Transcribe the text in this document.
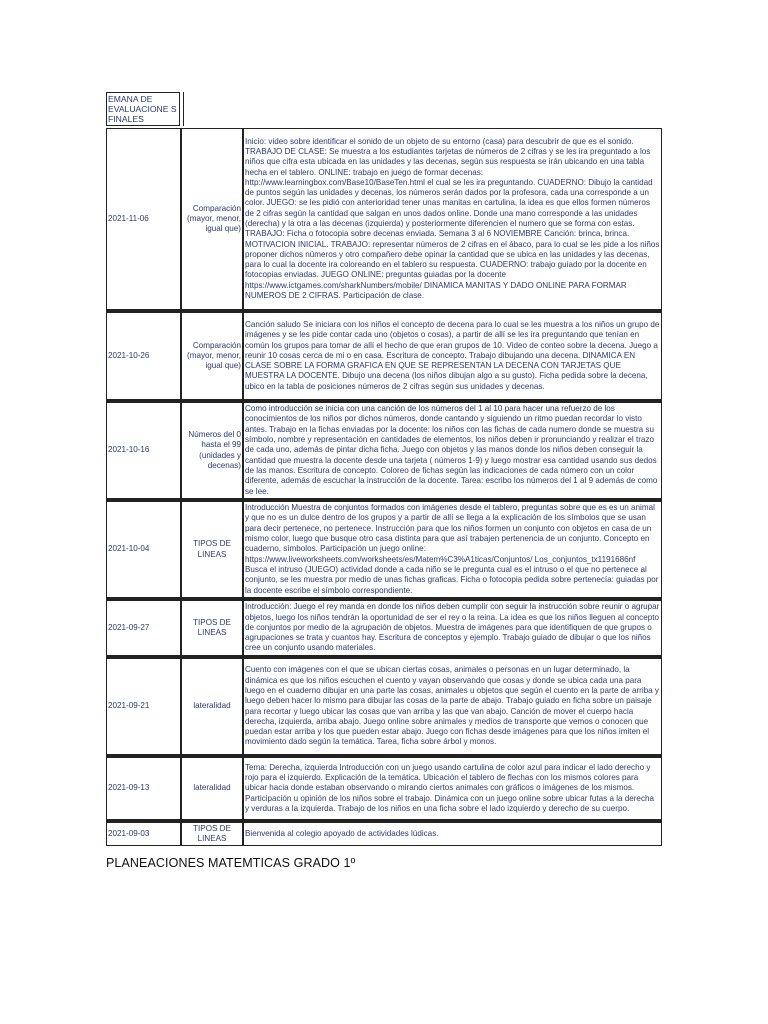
EMANA DE EVALUACIONE S FINALES
2021-11-06	Comparación (mayor, menor, igual que)	Inicio: video sobre identificar el sonido de un objeto de su entorno (casa) para descubrir de que es el sonido. TRABAJO DE CLASE: Se muestra a los estudiantes tarjetas de números de 2 cifras y se les ira preguntado a los niños que cifra esta ubicada en las unidades y las decenas, según sus respuesta se irán ubicando en una tabla hecha en el tablero. ONLINE: trabajo en juego de formar decenas: http://www.learningbox.com/Base10/BaseTen.html el cual se les ira preguntando. CUADERNO: Dibujo la cantidad de puntos según las unidades y decenas, los números serán dados por la profesora, cada una corresponde a un color. JUEGO: se les pidió con anterioridad tener unas manitas en cartulina, la idea es que ellos formen números de 2 cifras según la cantidad que salgan en unos dados online. Donde una mano corresponde a las unidades (derecha) y la otra a las decenas (izquierda) y posteriormente diferencien el numero que se forma con estas. TRABAJO: Ficha o fotocopia sobre decenas enviada. Semana 3 al 6 NOVIEMBRE Canción: brinca, brinca. MOTIVACION INICIAL. TRABAJO: representar números de 2 cifras en el ábaco, para lo cual se les pide a los niños proponer dichos números y otro compañero debe opinar la cantidad que se ubica en las unidades y las decenas, para lo cual la docente ira coloreando en el tablero su respuesta. CUADERNO: trabajo guiado por la docente en fotocopias enviadas. JUEGO ONLINE: preguntas guiadas por la docente https://www.ictgames.com/sharkNumbers/mobile/ DINAMICA MANITAS Y DADO ONLINE PARA FORMAR NUMEROS DE 2 CIFRAS. Participación de clase.

2021-10-26	Comparación (mayor, menor, igual que)	Canción saludo Se iniciara con los niños el concepto de decena para lo cual se les muestra a los niños un grupo de imágenes y se les pide contar cada uno (objetos o cosas), a partir de allí se les ira preguntando que tenían en común los grupos para tomar de allí el hecho de que eran grupos de 10. Video de conteo sobre la decena. Juego a reunir 10 cosas cerca de mi o en casa. Escritura de concepto. Trabajo dibujando una decena. DINAMICA EN CLASE SOBRE LA FORMA GRAFICA EN QUE SE REPRESENTAN LA DECENA CON TARJETAS QUE MUESTRA LA DOCENTE. Dibujo una decena (los niños dibujan algo a su gusto). Ficha pedida sobre la decena, ubico en la tabla de posiciones números de 2 cifras según sus unidades y decenas.

2021-10-16	Números del 0 hasta el 99 (unidades y decenas)	Como introducción se inicia con una canción de los números del 1 al 10 para hacer una refuerzo de los conocimientos de los niños por dichos números, donde cantando y siguiendo un ritmo puedan recordar lo visto antes. Trabajo en la fichas enviadas por la docente: los niños con las fichas de cada numero donde se muestra su símbolo, nombre y representación en cantidades de elementos, los niños deben ir pronunciando y realizar el trazo de cada uno, además de pintar dicha ficha. Juego con objetos y las manos donde los niños deben conseguir la cantidad que muestra la docente desde una tarjeta ( números 1-9) y luego mostrar esa cantidad usando sus dedos de las manos. Escritura de concepto. Coloreo de fichas según las indicaciones de cada número con un color diferente, además de escuchar la instrucción de la docente. Tarea: escribo los números del 1 al 9 además de como se lee.

2021-10-04	TIPOS DE LINEAS	Introducción Muestra de conjuntos formados con imágenes desde el tablero, preguntas sobre que es es un animal y que no es un dulce dentro de los grupos y a partir de allí se llega a la explicación de los símbolos que se usan para decir pertenece, no pertenece. Instrucción para que los niños formen un conjunto con objetos en casa de un mismo color, luego que busque otro casa distinta para que así trabajen pertenencia de un conjunto. Concepto en cuaderno, símbolos. Participación un juego online: https://www.liveworksheets.com/worksheets/es/Matem%C3%A1ticas/Conjuntos/ Los_conjuntos_tx1191686nf Busca el intruso (JUEGO) actividad donde a cada niño se le pregunta cual es el intruso o el que no pertenece al conjunto, se les muestra por medio de unas fichas graficas. Ficha o fotocopia pedida sobre pertenecía: guiadas por la docente escribe el símbolo correspondiente.

2021-09-27	TIPOS DE LINEAS	Introducción: Juego el rey manda en donde los niños deben cumplir con seguir la instrucción sobre reunir o agrupar objetos, luego los niños tendrán la oportunidad de ser el rey o la reina. La idea es que los niños lleguen al concepto de conjuntos por medio de la agrupación de objetos. Muestra de imágenes para que identifiquen de que grupos o agrupaciones se trata y cuantos hay. Escritura de conceptos y ejemplo. Trabajo guiado de dibujar o que los niños cree un conjunto usando materiales.

2021-09-21	lateralidad	Cuento con imágenes con el que se ubican ciertas cosas, animales o personas en un lugar determinado, la dinámica es que los niños escuchen el cuento y vayan observando que cosas y donde se ubica cada una para luego en el cuaderno dibujar en una parte las cosas, animales u objetos que según el cuento en la parte de arriba y luego deben hacer lo mismo para dibujar las cosas de la parte de abajo. Trabajo guiado en ficha sobre un paisaje para recortar y luego ubicar las cosas que van arriba y las que van abajo. Canción de mover el cuerpo hacia derecha, izquierda, arriba abajo. Juego online sobre animales y medios de transporte que vemos o conocen que puedan estar arriba y los que pueden estar abajo. Juego con fichas desde imágenes para que los niños imiten el movimiento dado según la temática. Tarea, ficha sobre árbol y monos.

2021-09-13	lateralidad	Tema: Derecha, izquierda Introducción con un juego usando cartulina de color azul para indicar el lado derecho y rojo para el izquierdo. Explicación de la temática. Ubicación el tablero de flechas con los mismos colores para ubicar hacia donde estaban observando o mirando ciertos animales con gráficos o imágenes de los mismos. Participación u opinión de los niños sobre el trabajo. Dinámica con un juego online sobre ubicar futas a la derecha y verduras a la izquierda. Trabajo de los niños en una ficha sobre el lado izquierdo y derecho de su cuerpo.

2021-09-03	TIPOS DE LINEAS	Bienvenida al colegio apoyado de actividades lúdicas.
PLANEACIONES MATEMTICAS GRADO 1º
